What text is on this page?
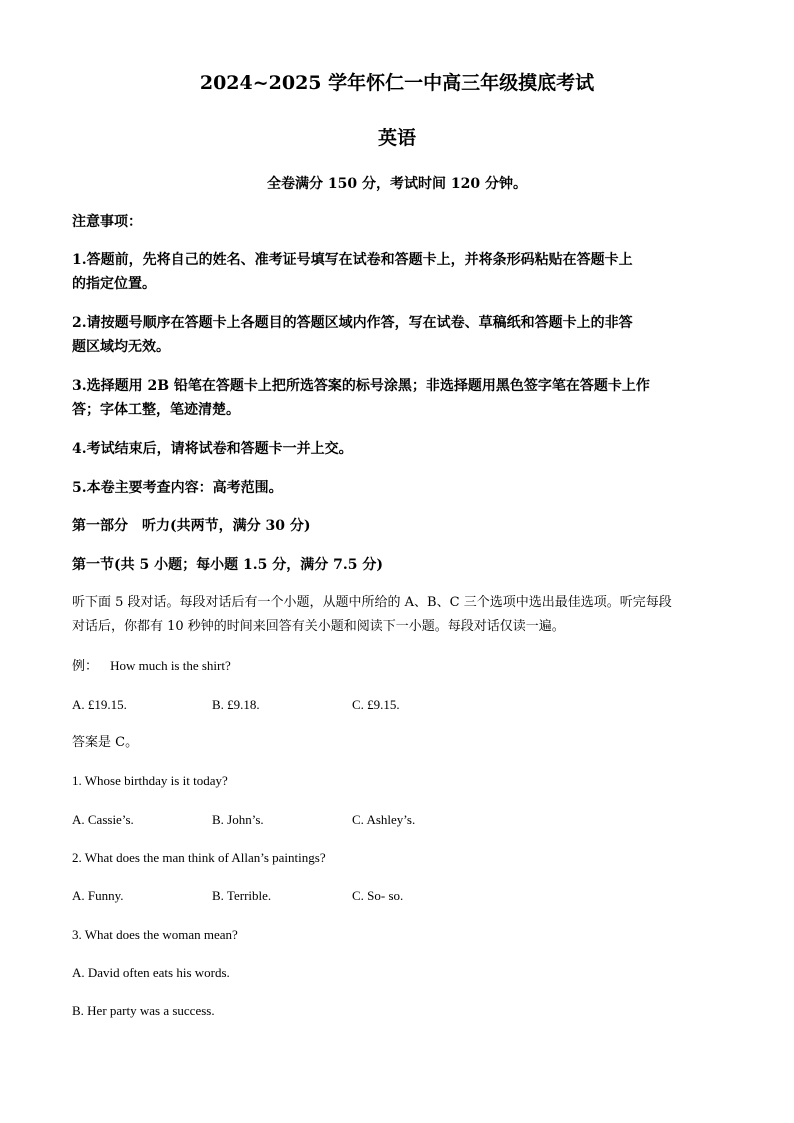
2024~2025 学年怀仁一中高三年级摸底考试
英语
全卷满分 150 分，考试时间 120 分钟。
注意事项：
1.答题前，先将自己的姓名、准考证号填写在试卷和答题卡上，并将条形码粘贴在答题卡上
的指定位置。
2.请按题号顺序在答题卡上各题目的答题区域内作答，写在试卷、草稿纸和答题卡上的非答
题区域均无效。
3.选择题用 2B 铅笔在答题卡上把所选答案的标号涂黑；非选择题用黑色签字笔在答题卡上作
答；字体工整，笔迹清楚。
4.考试结束后，请将试卷和答题卡一并上交。
5.本卷主要考查内容：高考范围。
第一部分　听力(共两节，满分 30 分)
第一节(共 5 小题；每小题 1.5 分，满分 7.5 分)
听下面 5 段对话。每段对话后有一个小题，从题中所给的 A、B、C 三个选项中选出最佳选项。听完每段
对话后，你都有 10 秒钟的时间来回答有关小题和阅读下一小题。每段对话仅读一遍。
例： How much is the shirt?
A. £19.15.	B. £9.18.	C. £9.15.
答案是 C。
1. Whose birthday is it today?
A. Cassie’s.	B. John’s.	C. Ashley’s.
2. What does the man think of Allan’s paintings?
A. Funny.	B. Terrible.	C. So- so.
3. What does the woman mean?
A. David often eats his words.
B. Her party was a success.
